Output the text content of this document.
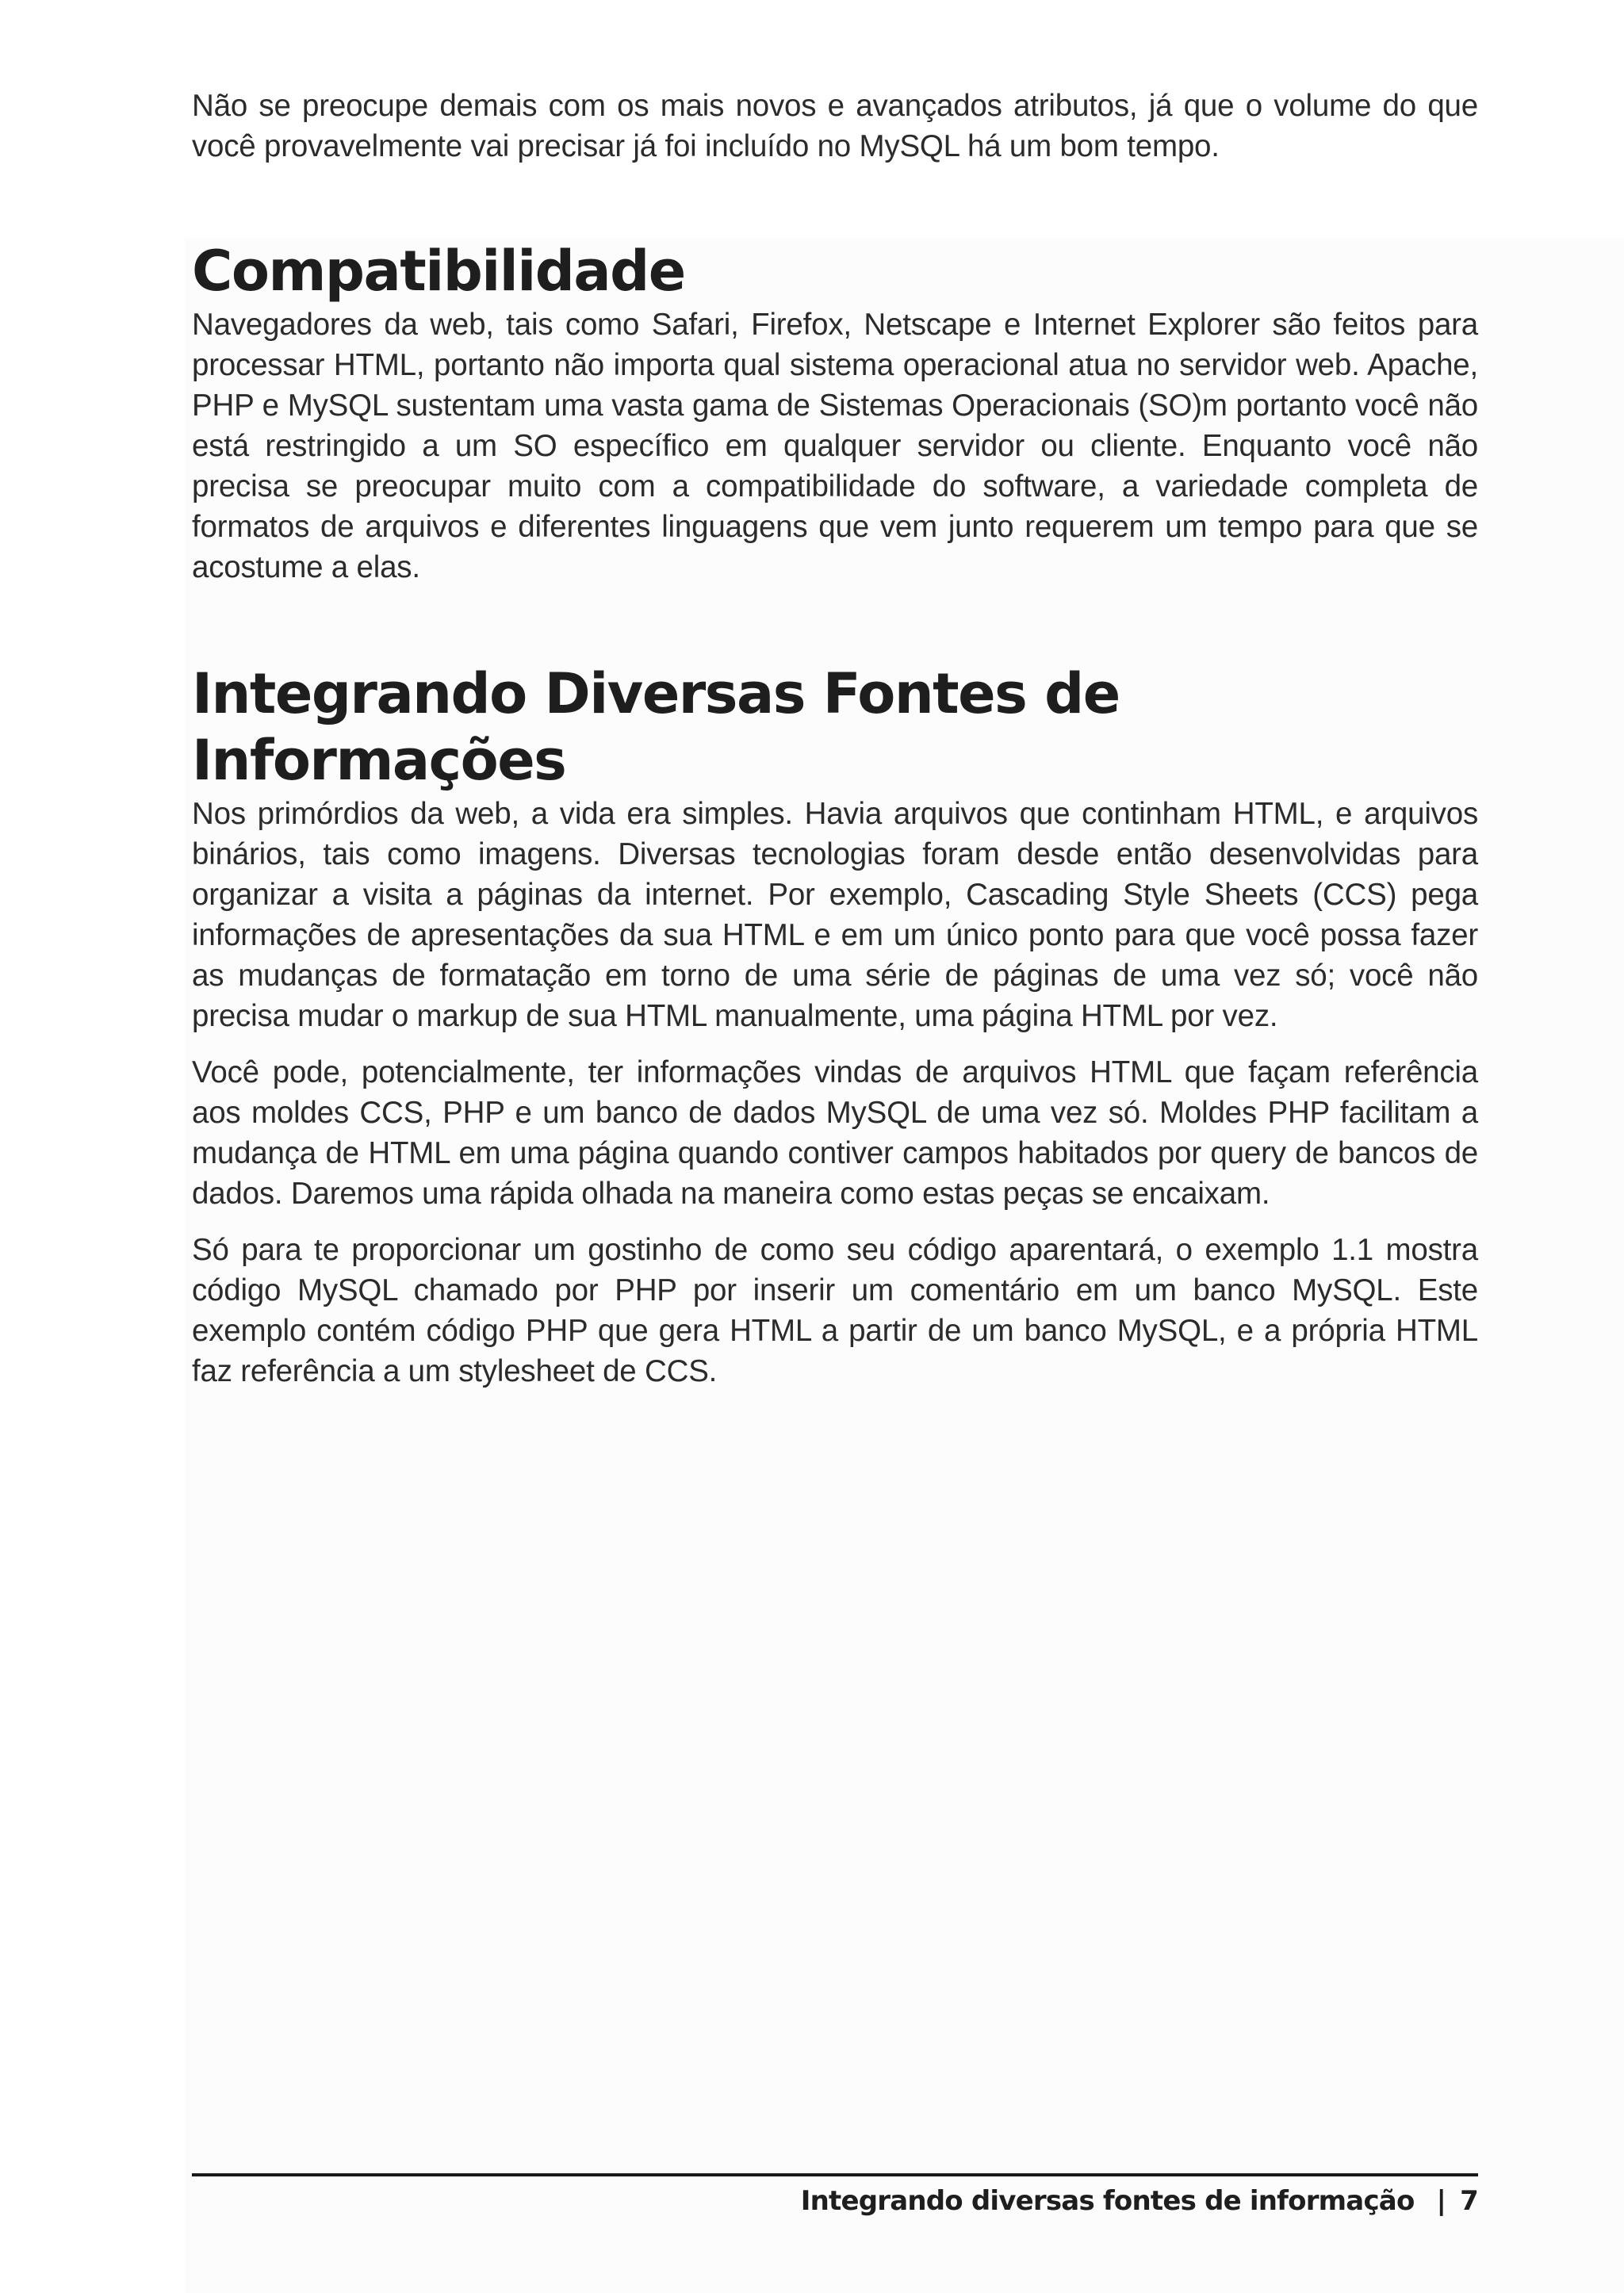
Não se preocupe demais com os mais novos e avançados atributos, já que o volume do que você provavelmente vai precisar já foi incluído no MySQL há um bom tempo.

Compatibilidade

Navegadores da web, tais como Safari, Firefox, Netscape e Internet Explorer são feitos para processar HTML, portanto não importa qual sistema operacional atua no servidor web. Apache, PHP e MySQL sustentam uma vasta gama de Sistemas Operacionais (SO)m portanto você não está restringido a um SO específico em qualquer servidor ou cliente. Enquanto você não precisa se preocupar muito com a compatibilidade do software, a variedade completa de formatos de arquivos e diferentes linguagens que vem junto requerem um tempo para que se acostume a elas.

Integrando Diversas Fontes de Informações

Nos primórdios da web, a vida era simples. Havia arquivos que continham HTML, e arquivos binários, tais como imagens. Diversas tecnologias foram desde então desenvolvidas para organizar a visita a páginas da internet. Por exemplo, Cascading Style Sheets (CCS) pega informações de apresentações da sua HTML e em um único ponto para que você possa fazer as mudanças de formatação em torno de uma série de páginas de uma vez só; você não precisa mudar o markup de sua HTML manualmente, uma página HTML por vez.

Você pode, potencialmente, ter informações vindas de arquivos HTML que façam referência aos moldes CCS, PHP e um banco de dados MySQL de uma vez só. Moldes PHP facilitam a mudança de HTML em uma página quando contiver campos habitados por query de bancos de dados. Daremos uma rápida olhada na maneira como estas peças se encaixam.

Só para te proporcionar um gostinho de como seu código aparentará, o exemplo 1.1 mostra código MySQL chamado por PHP por inserir um comentário em um banco MySQL. Este exemplo contém código PHP que gera HTML a partir de um banco MySQL, e a própria HTML faz referência a um stylesheet de CCS.

Integrando diversas fontes de informação | 7
